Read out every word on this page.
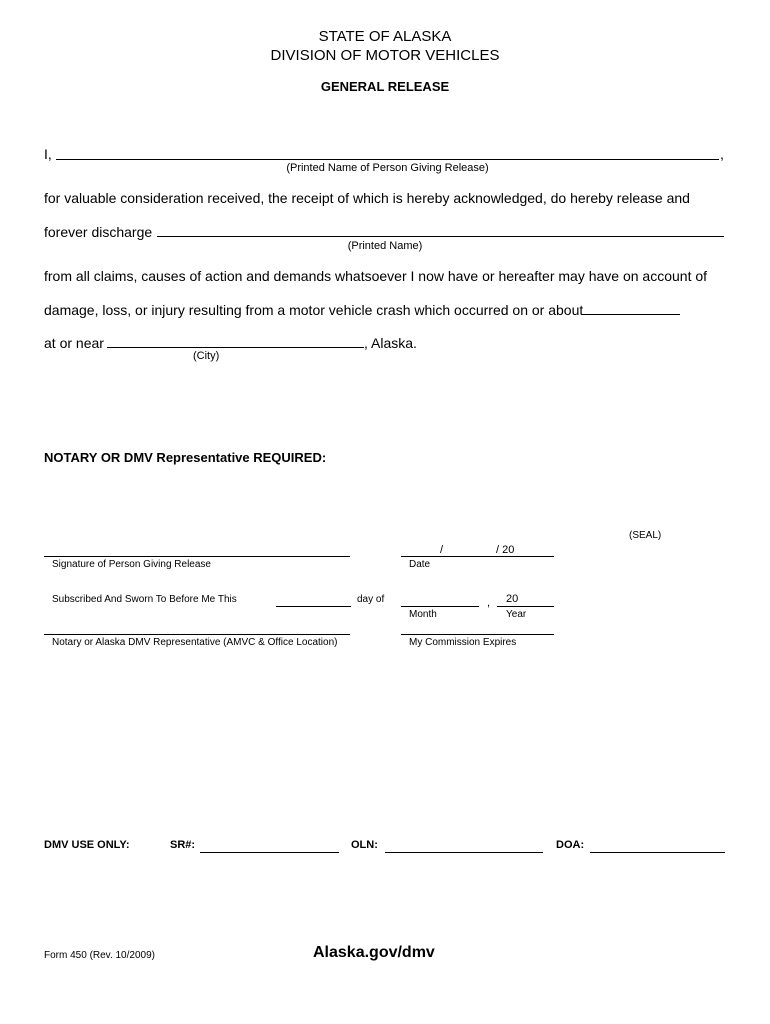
STATE OF ALASKA
DIVISION OF MOTOR VEHICLES
GENERAL RELEASE
I,	,
(Printed Name of Person Giving Release)
for valuable consideration received, the receipt of which is hereby acknowledged, do hereby release and
forever discharge
(Printed Name)
from all claims, causes of action and demands whatsoever I now have or hereafter may have on account of
damage, loss, or injury resulting from a motor vehicle crash which occurred on or about
at or near	, Alaska.
(City)
NOTARY OR DMV Representative REQUIRED:
(SEAL)
Signature of Person Giving Release
/	/ 20
Date
Subscribed And Sworn To Before Me This	day of	, 20
Month	Year
Notary or Alaska DMV Representative (AMVC & Office Location)	My Commission Expires
DMV USE ONLY:	SR#:	OLN:	DOA:
Form 450 (Rev. 10/2009)	Alaska.gov/dmv
